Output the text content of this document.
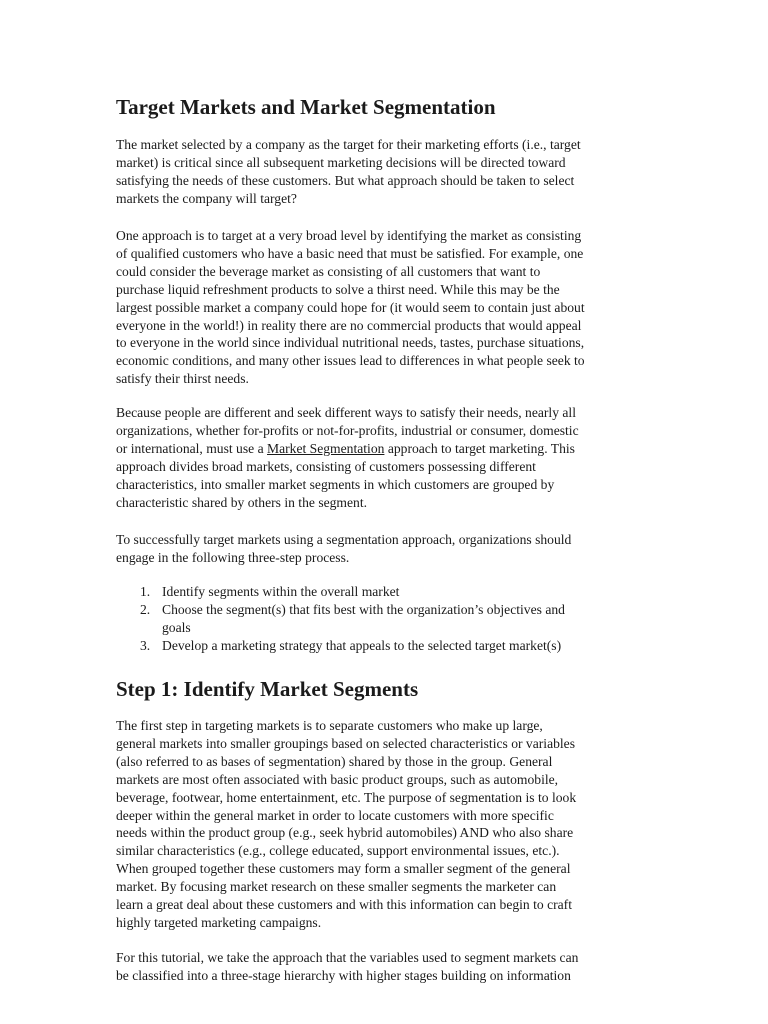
Target Markets and Market Segmentation
The market selected by a company as the target for their marketing efforts (i.e., target
market) is critical since all subsequent marketing decisions will be directed toward
satisfying the needs of these customers. But what approach should be taken to select
markets the company will target?
One approach is to target at a very broad level by identifying the market as consisting
of qualified customers who have a basic need that must be satisfied. For example, one
could consider the beverage market as consisting of all customers that want to
purchase liquid refreshment products to solve a thirst need. While this may be the
largest possible market a company could hope for (it would seem to contain just about
everyone in the world!) in reality there are no commercial products that would appeal
to everyone in the world since individual nutritional needs, tastes, purchase situations,
economic conditions, and many other issues lead to differences in what people seek to
satisfy their thirst needs.
Because people are different and seek different ways to satisfy their needs, nearly all
organizations, whether for-profits or not-for-profits, industrial or consumer, domestic
or international, must use a Market Segmentation approach to target marketing. This
approach divides broad markets, consisting of customers possessing different
characteristics, into smaller market segments in which customers are grouped by
characteristic shared by others in the segment.
To successfully target markets using a segmentation approach, organizations should
engage in the following three-step process.
1. Identify segments within the overall market
2. Choose the segment(s) that fits best with the organization’s objectives and
goals
3. Develop a marketing strategy that appeals to the selected target market(s)
Step 1: Identify Market Segments
The first step in targeting markets is to separate customers who make up large,
general markets into smaller groupings based on selected characteristics or variables
(also referred to as bases of segmentation) shared by those in the group. General
markets are most often associated with basic product groups, such as automobile,
beverage, footwear, home entertainment, etc. The purpose of segmentation is to look
deeper within the general market in order to locate customers with more specific
needs within the product group (e.g., seek hybrid automobiles) AND who also share
similar characteristics (e.g., college educated, support environmental issues, etc.).
When grouped together these customers may form a smaller segment of the general
market. By focusing market research on these smaller segments the marketer can
learn a great deal about these customers and with this information can begin to craft
highly targeted marketing campaigns.
For this tutorial, we take the approach that the variables used to segment markets can
be classified into a three-stage hierarchy with higher stages building on information
